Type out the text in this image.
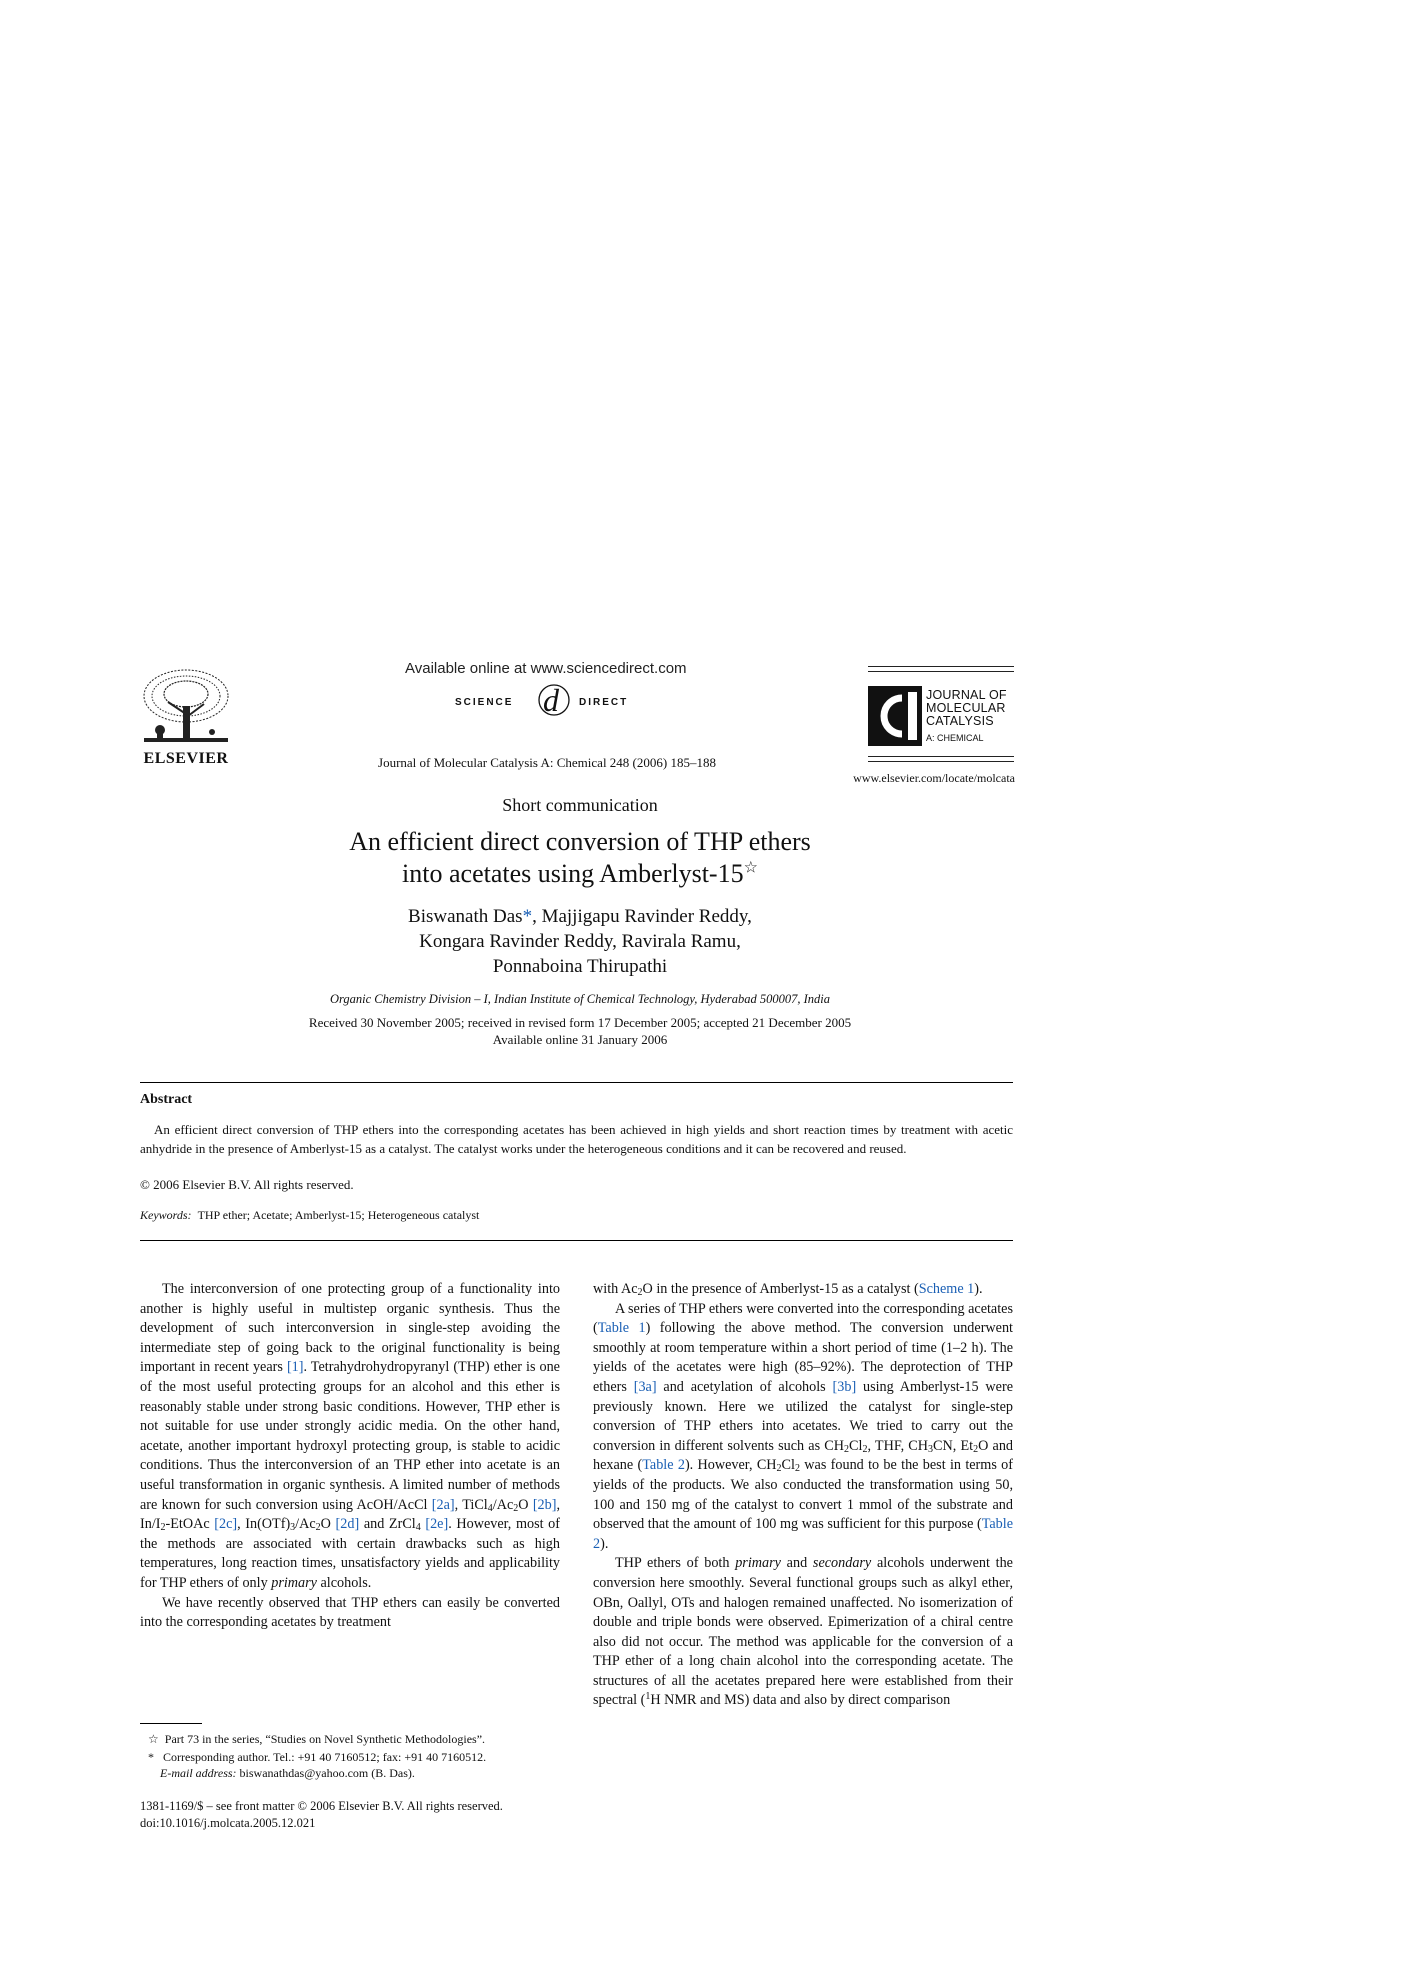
ELSEVIER
Available online at www.sciencedirect.com
SCIENCE d DIRECT
Journal of Molecular Catalysis A: Chemical 248 (2006) 185–188
JOURNAL OF MOLECULAR CATALYSIS
A: CHEMICAL
www.elsevier.com/locate/molcata
Short communication
An efficient direct conversion of THP ethers
into acetates using Amberlyst-15☆
Biswanath Das*, Majjigapu Ravinder Reddy,
Kongara Ravinder Reddy, Ravirala Ramu,
Ponnaboina Thirupathi
Organic Chemistry Division – I, Indian Institute of Chemical Technology, Hyderabad 500007, India
Received 30 November 2005; received in revised form 17 December 2005; accepted 21 December 2005
Available online 31 January 2006
Abstract
An efficient direct conversion of THP ethers into the corresponding acetates has been achieved in high yields and short reaction times by treatment with acetic anhydride in the presence of Amberlyst-15 as a catalyst. The catalyst works under the heterogeneous conditions and it can be recovered and reused.
© 2006 Elsevier B.V. All rights reserved.
Keywords: THP ether; Acetate; Amberlyst-15; Heterogeneous catalyst

The interconversion of one protecting group of a functionality into another is highly useful in multistep organic synthesis. Thus the development of such interconversion in single-step avoiding the intermediate step of going back to the original functionality is being important in recent years [1]. Tetrahydrohydropyranyl (THP) ether is one of the most useful protecting groups for an alcohol and this ether is reasonably stable under strong basic conditions. However, THP ether is not suitable for use under strongly acidic media. On the other hand, acetate, another important hydroxyl protecting group, is stable to acidic conditions. Thus the interconversion of an THP ether into acetate is an useful transformation in organic synthesis. A limited number of methods are known for such conversion using AcOH/AcCl [2a], $TiCl_4/Ac_2O$ [2b], $In/I_2$-EtOAc [2c], $In(OTf)_3/Ac_2O$ [2d] and ZrCl$_4$ [2e]. However, most of the methods are associated with certain drawbacks such as high temperatures, long reaction times, unsatisfactory yields and applicability for THP ethers of only primary alcohols.

We have recently observed that THP ethers can easily be converted into the corresponding acetates by treatment

with $Ac_2O$ in the presence of Amberlyst-15 as a catalyst (Scheme 1).

A series of THP ethers were converted into the corresponding acetates (Table 1) following the above method. The conversion underwent smoothly at room temperature within a short period of time (1–2 h). The yields of the acetates were high (85–92%). The deprotection of THP ethers [3a] and acetylation of alcohols [3b] using Amberlyst-15 were previously known. Here we utilized the catalyst for single-step conversion of THP ethers into acetates. We tried to carry out the conversion in different solvents such as $CH_2Cl_2$, THF, $CH_3CN$, $Et_2O$ and hexane (Table 2). However, $CH_2Cl_2$ was found to be the best in terms of yields of the products. We also conducted the transformation using 50, 100 and 150 mg of the catalyst to convert 1 mmol of the substrate and observed that the amount of 100 mg was sufficient for this purpose (Table 2).

THP ethers of both primary and secondary alcohols underwent the conversion here smoothly. Several functional groups such as alkyl ether, OBn, Oallyl, OTs and halogen remained unaffected. No isomerization of double and triple bonds were observed. Epimerization of a chiral centre also did not occur. The method was applicable for the conversion of a THP ether of a long chain alcohol into the corresponding acetate. The structures of all the acetates prepared here were established from their spectral ($^1$H NMR and MS) data and also by direct comparison

☆  Part 73 in the series, “Studies on Novel Synthetic Methodologies”.
*   Corresponding author. Tel.: +91 40 7160512; fax: +91 40 7160512.
E-mail address: biswanathdas@yahoo.com (B. Das).
1381-1169/$ – see front matter © 2006 Elsevier B.V. All rights reserved.
doi:10.1016/j.molcata.2005.12.021
